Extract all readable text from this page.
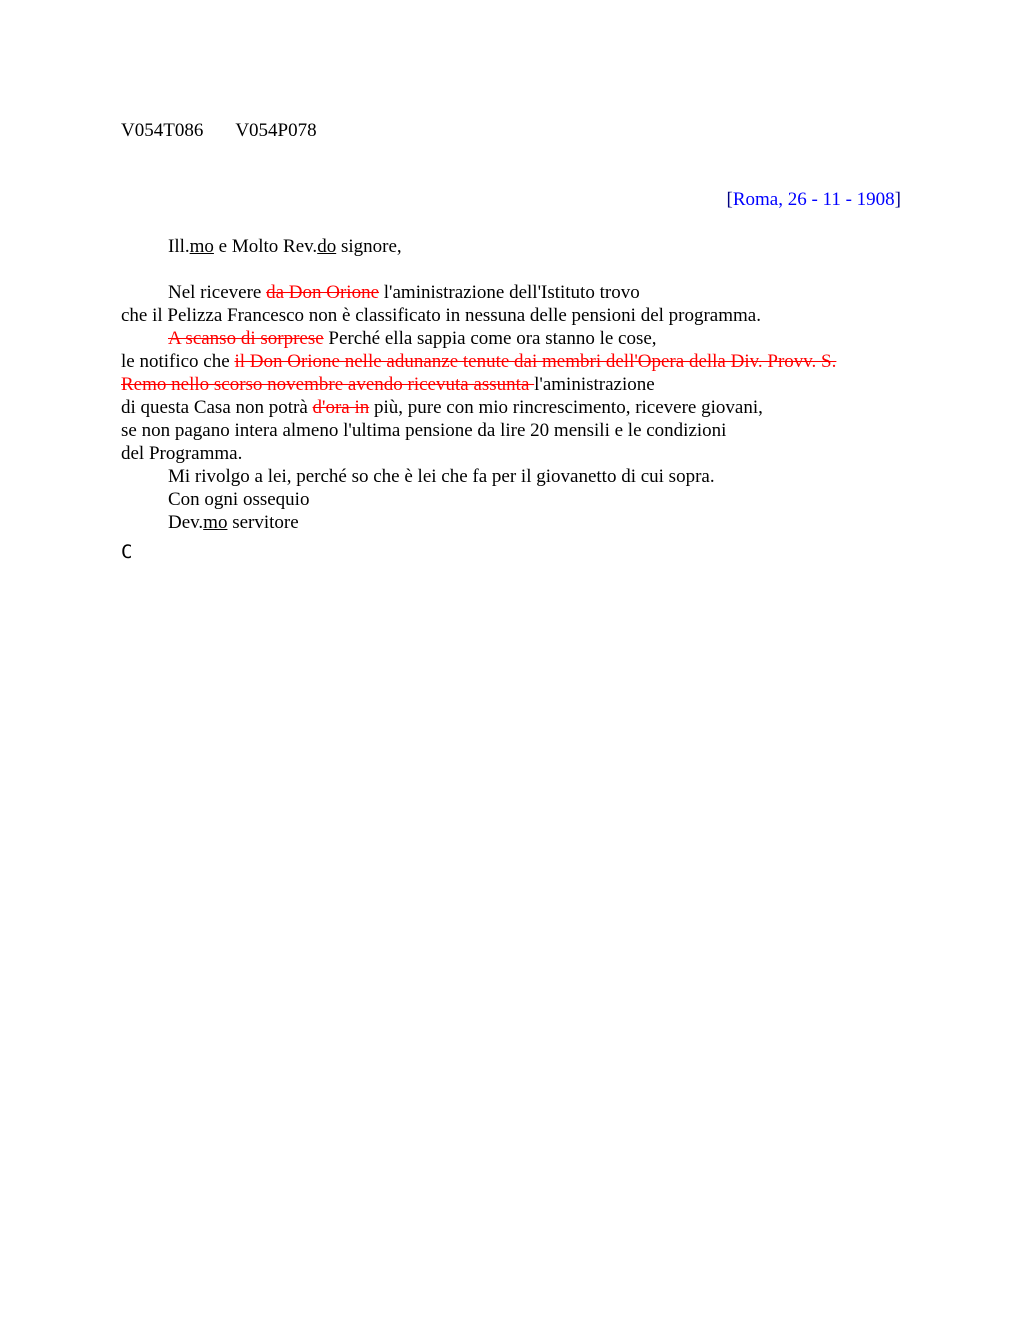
V054T086 V054P078
[Roma, 26 - 11 - 1908]
Ill.mo e Molto Rev.do signore,
Nel ricevere da Don Orione l'aministrazione dell'Istituto trovo
che il Pelizza Francesco non è classificato in nessuna delle pensioni del programma.
A scanso di sorprese Perché ella sappia come ora stanno le cose,
le notifico che il Don Orione nelle adunanze tenute dai membri dell'Opera della Div. Provv. S.
Remo nello scorso novembre avendo ricevuta assunta l'aministrazione
di questa Casa non potrà d'ora in più, pure con mio rincrescimento, ricevere giovani,
se non pagano intera almeno l'ultima pensione da lire 20 mensili e le condizioni
del Programma.
Mi rivolgo a lei, perché so che è lei che fa per il giovanetto di cui sopra.
Con ogni ossequio
Dev.mo servitore
C
